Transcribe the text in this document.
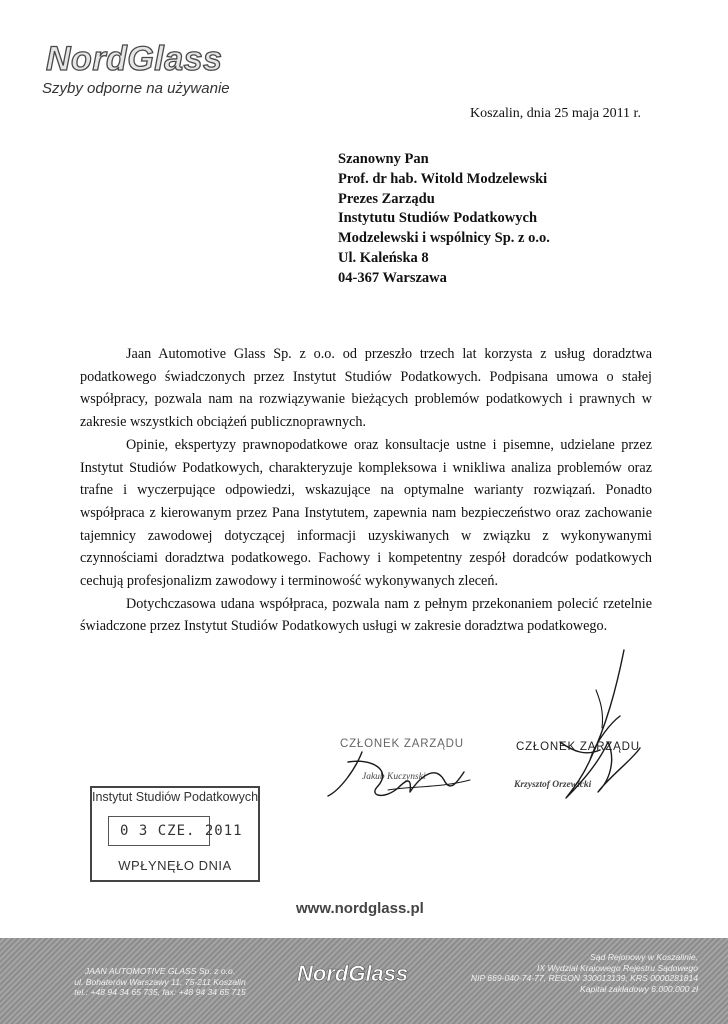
NordGlass
Szyby odporne na używanie
Koszalin, dnia 25 maja 2011 r.
Szanowny Pan
Prof. dr hab. Witold Modzelewski
Prezes Zarządu
Instytutu Studiów Podatkowych
Modzelewski i wspólnicy Sp. z o.o.
Ul. Kaleńska 8
04-367 Warszawa

Jaan Automotive Glass Sp. z o.o. od przeszło trzech lat korzysta z usług doradztwa podatkowego świadczonych przez Instytut Studiów Podatkowych. Podpisana umowa o stałej współpracy, pozwala nam na rozwiązywanie bieżących problemów podatkowych i prawnych w zakresie wszystkich obciążeń publicznoprawnych.

Opinie, ekspertyzy prawnopodatkowe oraz konsultacje ustne i pisemne, udzielane przez Instytut Studiów Podatkowych, charakteryzuje kompleksowa i wnikliwa analiza problemów oraz trafne i wyczerpujące odpowiedzi, wskazujące na optymalne warianty rozwiązań. Ponadto współpraca z kierowanym przez Pana Instytutem, zapewnia nam bezpieczeństwo oraz zachowanie tajemnicy zawodowej dotyczącej informacji uzyskiwanych w związku z wykonywanymi czynnościami doradztwa podatkowego. Fachowy i kompetentny zespół doradców podatkowych cechują profesjonalizm zawodowy i terminowość wykonywanych zleceń.

Dotychczasowa udana współpraca, pozwala nam z pełnym przekonaniem polecić rzetelnie świadczone przez Instytut Studiów Podatkowych usługi w zakresie doradztwa podatkowego.

CZŁONEK ZARZĄDU
Jakub Kuczynski
CZŁONEK ZARZĄDU
Krzysztof Orzewicki
Instytut Studiów Podatkowych
0 3 CZE. 2011
WPŁYNĘŁO DNIA
www.nordglass.pl
JAAN AUTOMOTIVE GLASS Sp. z o.o.
ul. Bohaterów Warszawy 11, 75-211 Koszalin
tel.: +48 94 34 65 735, fax: +48 94 34 65 715
NordGlass
Sąd Rejonowy w Koszalinie,
IX Wydział Krajowego Rejestru Sądowego
NIP 669-040-74-77, REGON 330013139, KRS 0000281814
Kapitał zakładowy 6.000.000 zł
